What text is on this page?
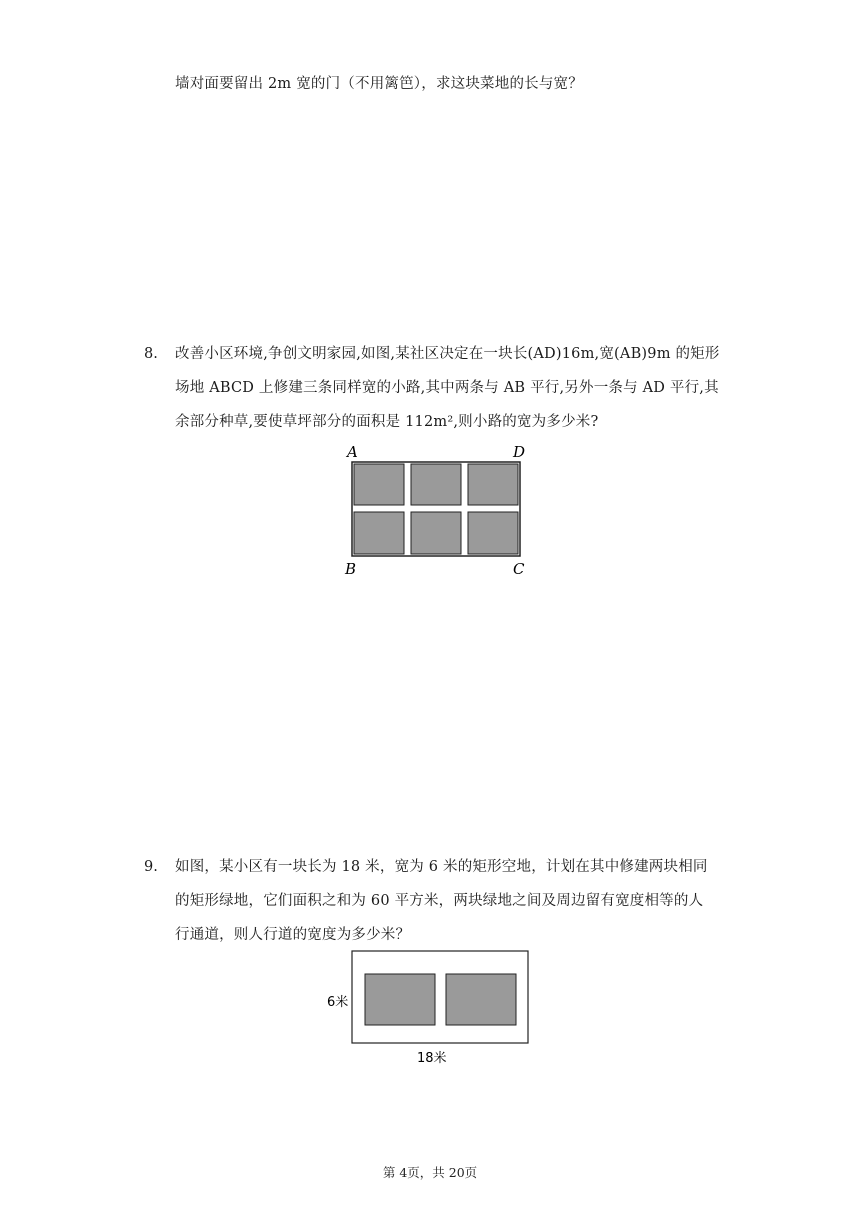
墙对面要留出 2m 宽的门（不用篱笆），求这块菜地的长与宽？
8. 改善小区环境,争创文明家园,如图,某社区决定在一块长(AD)16m,宽(AB)9m 的矩形
场地 ABCD 上修建三条同样宽的小路,其中两条与 AB 平行,另外一条与 AD 平行,其
余部分种草,要使草坪部分的面积是 112m²,则小路的宽为多少米?
A	D
B	C
9. 如图，某小区有一块长为 18 米，宽为 6 米的矩形空地，计划在其中修建两块相同
的矩形绿地，它们面积之和为 60 平方米，两块绿地之间及周边留有宽度相等的人
行通道，则人行道的宽度为多少米？
6米
18米
第 4页，共 20页
